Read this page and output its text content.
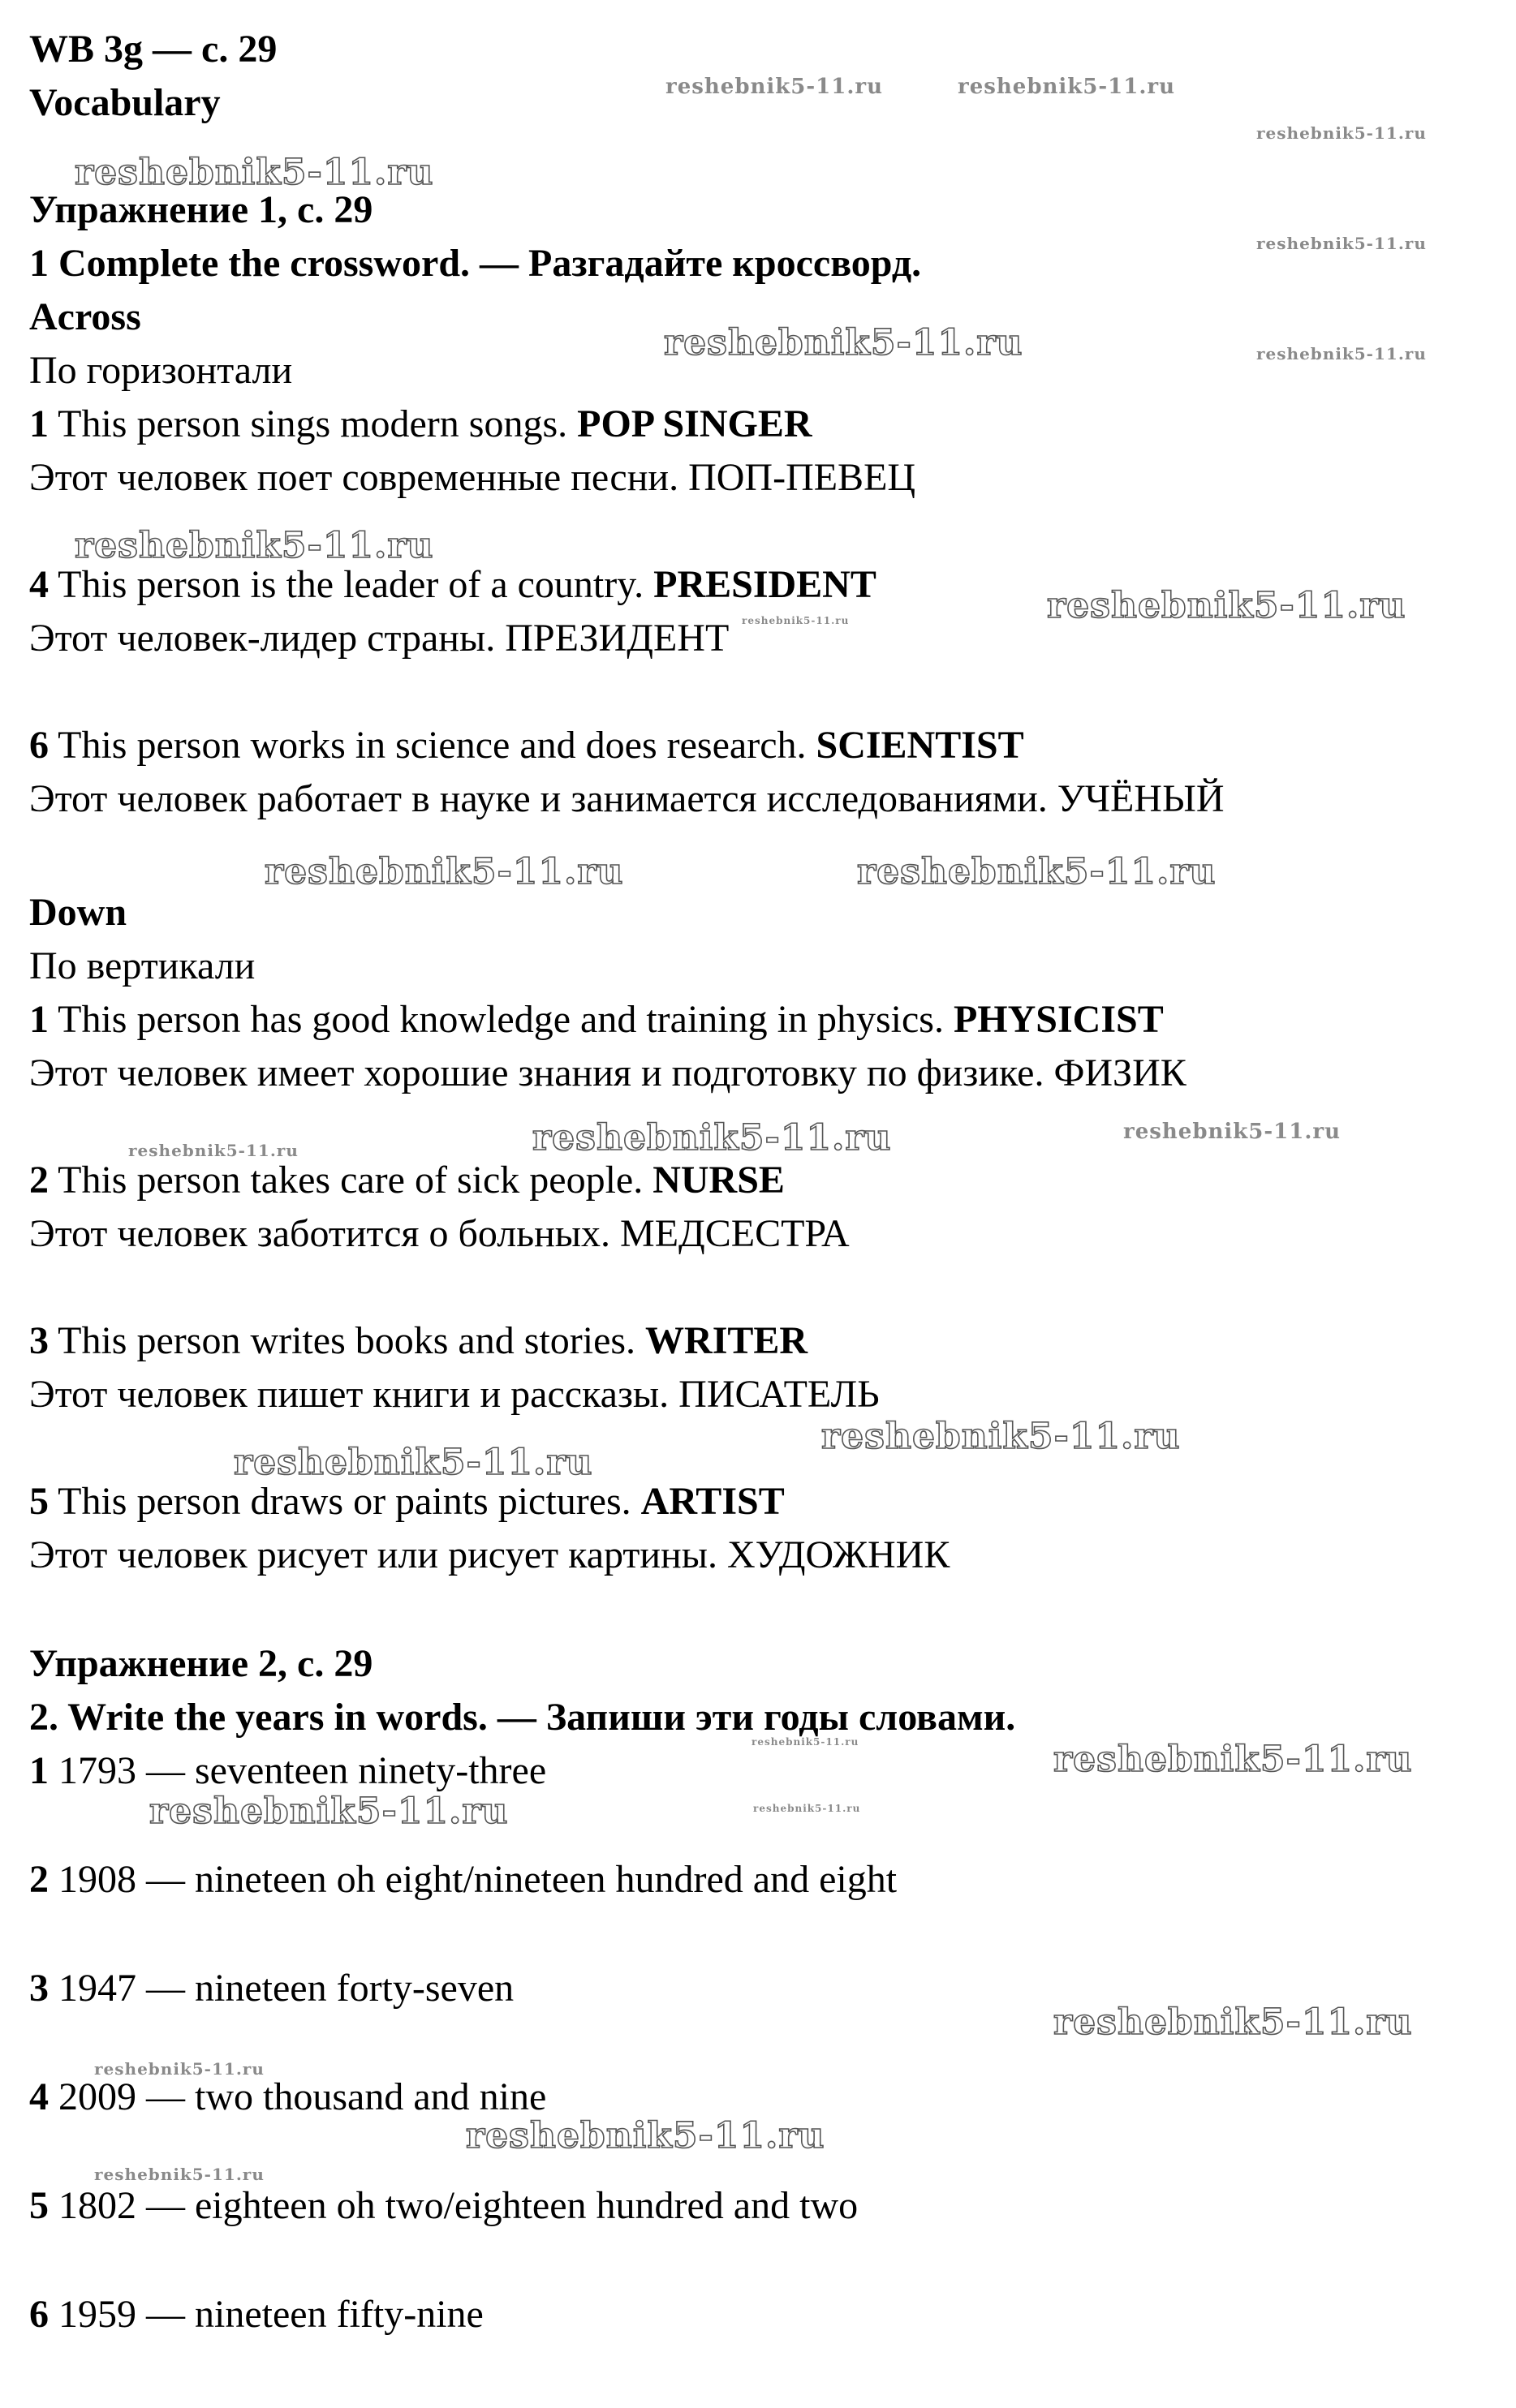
WB 3g — c. 29
Vocabulary
Упражнение 1, с. 29
1 Complete the crossword. — Разгадайте кроссворд.
Across
По горизонтали
1 This person sings modern songs. POP SINGER
Этот человек поет современные песни. ПОП-ПЕВЕЦ
4 This person is the leader of a country. PRESIDENT
Этот человек-лидер страны. ПРЕЗИДЕНТ
6 This person works in science and does research. SCIENTIST
Этот человек работает в науке и занимается исследованиями. УЧЁНЫЙ
Down
По вертикали
1 This person has good knowledge and training in physics. PHYSICIST
Этот человек имеет хорошие знания и подготовку по физике. ФИЗИК
2 This person takes care of sick people. NURSE
Этот человек заботится о больных. МЕДСЕСТРА
3 This person writes books and stories. WRITER
Этот человек пишет книги и рассказы. ПИСАТЕЛЬ
5 This person draws or paints pictures. ARTIST
Этот человек рисует или рисует картины. ХУДОЖНИК
Упражнение 2, с. 29
2. Write the years in words. — Запиши эти годы словами.
1 1793 — seventeen ninety-three
2 1908 — nineteen oh eight/nineteen hundred and eight
3 1947 — nineteen forty-seven
4 2009 — two thousand and nine
5 1802 — eighteen oh two/eighteen hundred and two
6 1959 — nineteen fifty-nine
reshebnik5-11.ru	reshebnik5-11.ru
reshebnik5-11.ru
reshebnik5-11.ru
reshebnik5-11.ru
reshebnik5-11.ru	reshebnik5-11.ru
reshebnik5-11.ru
reshebnik5-11.ru
reshebnik5-11.ru
reshebnik5-11.ru	reshebnik5-11.ru
reshebnik5-11.ru
reshebnik5-11.ru
reshebnik5-11.ru
reshebnik5-11.ru
reshebnik5-11.ru
reshebnik5-11.ru	reshebnik5-11.ru
reshebnik5-11.ru	reshebnik5-11.ru
reshebnik5-11.ru
reshebnik5-11.ru
reshebnik5-11.ru
reshebnik5-11.ru
